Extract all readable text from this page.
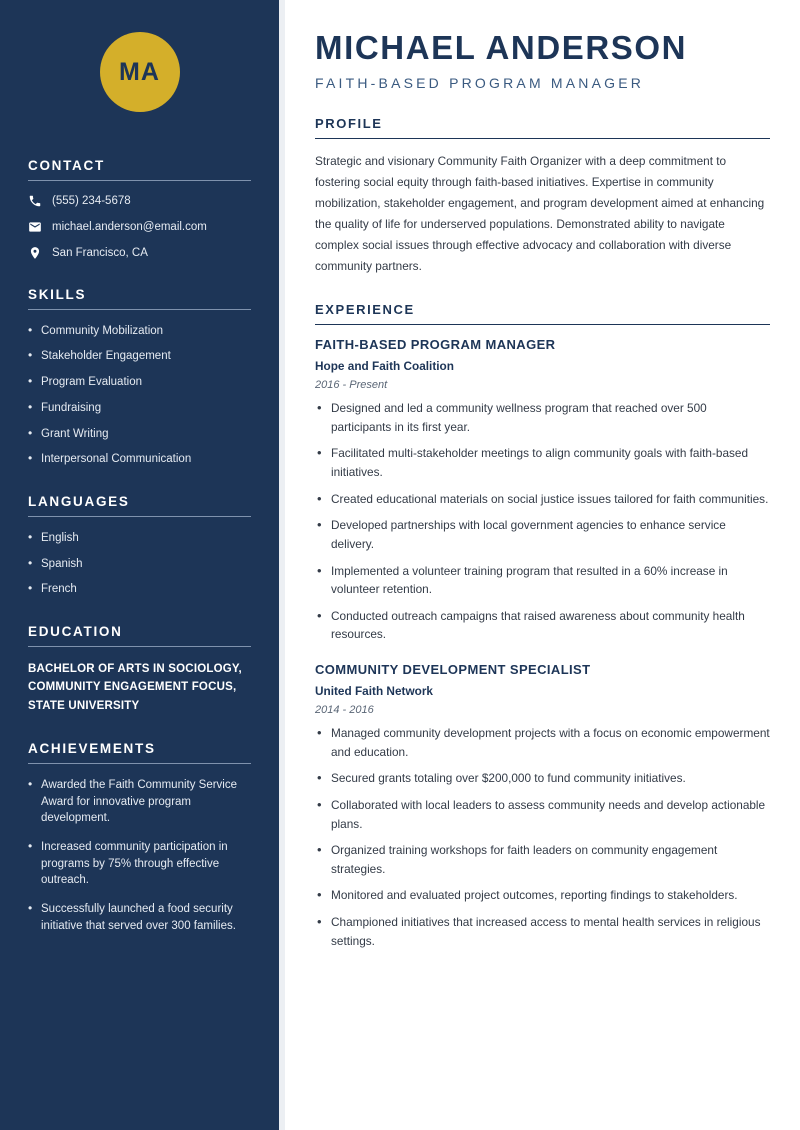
MA
CONTACT
(555) 234-5678
michael.anderson@email.com
San Francisco, CA
SKILLS
• Community Mobilization
• Stakeholder Engagement
• Program Evaluation
• Fundraising
• Grant Writing
• Interpersonal Communication
LANGUAGES
• English
• Spanish
• French
EDUCATION
BACHELOR OF ARTS IN SOCIOLOGY, COMMUNITY ENGAGEMENT FOCUS, STATE UNIVERSITY
ACHIEVEMENTS
• Awarded the Faith Community Service Award for innovative program development.
• Increased community participation in programs by 75% through effective outreach.
• Successfully launched a food security initiative that served over 300 families.
MICHAEL ANDERSON
FAITH-BASED PROGRAM MANAGER
PROFILE

Strategic and visionary Community Faith Organizer with a deep commitment to fostering social equity through faith-based initiatives. Expertise in community mobilization, stakeholder engagement, and program development aimed at enhancing the quality of life for underserved populations. Demonstrated ability to navigate complex social issues through effective advocacy and collaboration with diverse community partners.

EXPERIENCE
FAITH-BASED PROGRAM MANAGER
Hope and Faith Coalition
2016 - Present
• Designed and led a community wellness program that reached over 500 participants in its first year.
• Facilitated multi-stakeholder meetings to align community goals with faith-based initiatives.
• Created educational materials on social justice issues tailored for faith communities.
• Developed partnerships with local government agencies to enhance service delivery.
• Implemented a volunteer training program that resulted in a 60% increase in volunteer retention.
• Conducted outreach campaigns that raised awareness about community health resources.
COMMUNITY DEVELOPMENT SPECIALIST
United Faith Network
2014 - 2016
• Managed community development projects with a focus on economic empowerment and education.
• Secured grants totaling over $200,000 to fund community initiatives.
• Collaborated with local leaders to assess community needs and develop actionable plans.
• Organized training workshops for faith leaders on community engagement strategies.
• Monitored and evaluated project outcomes, reporting findings to stakeholders.
• Championed initiatives that increased access to mental health services in religious settings.
